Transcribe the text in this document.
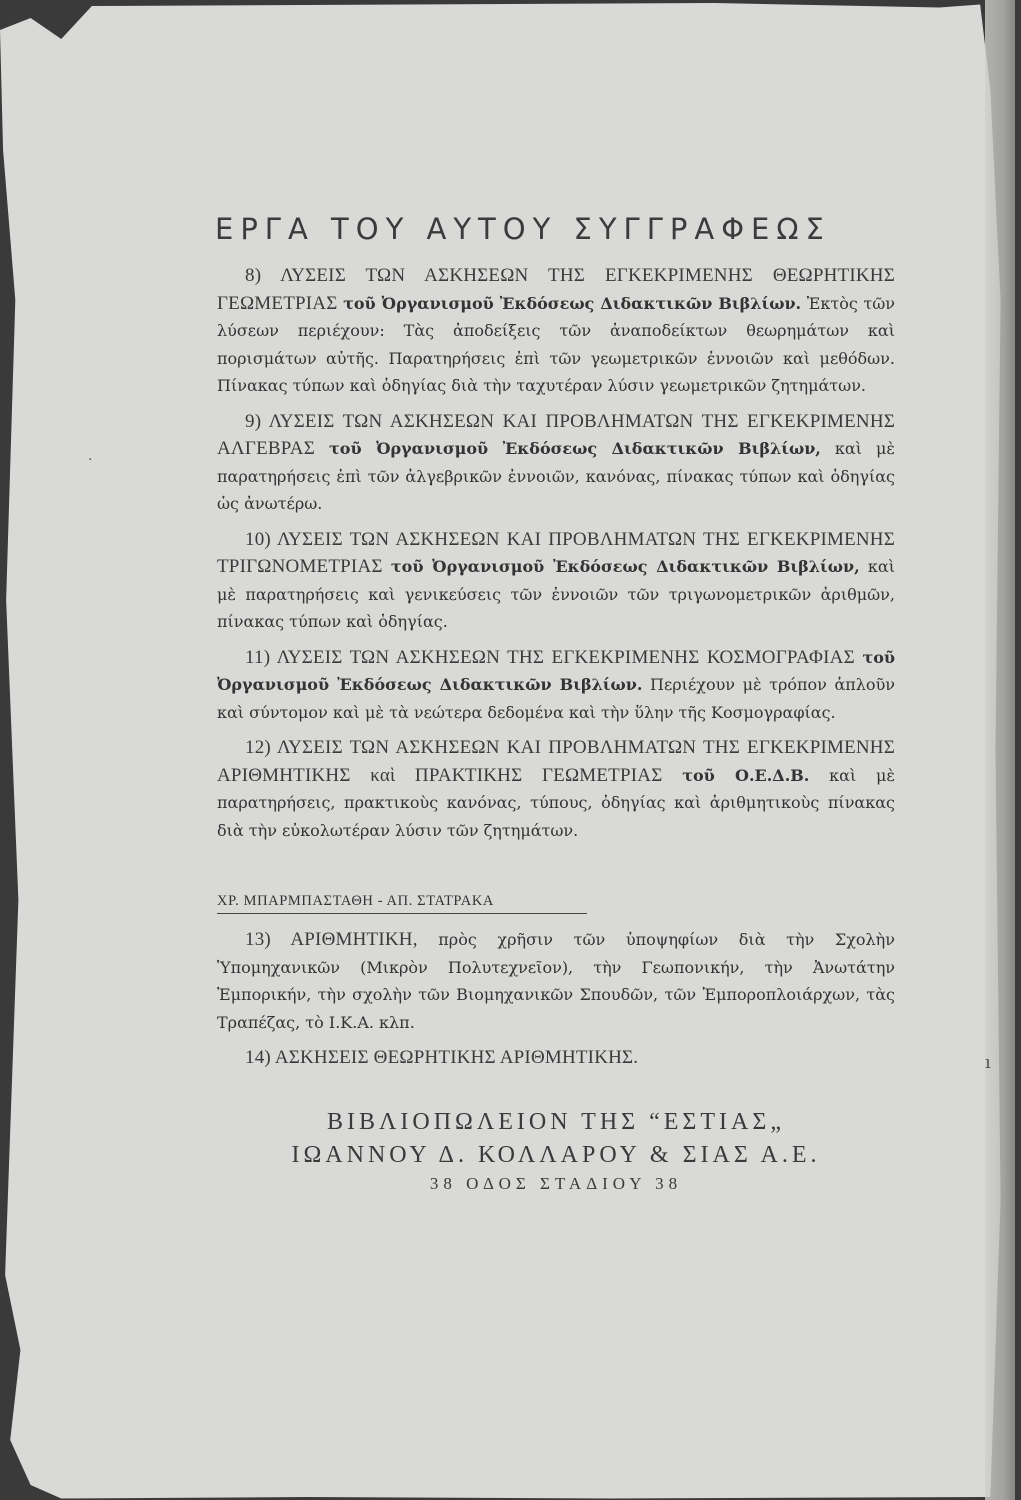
ΕΡΓΑ ΤΟΥ ΑΥΤΟΥ ΣΥΓΓΡΑΦΕΩΣ

8) ΛΥΣΕΙΣ ΤΩΝ ΑΣΚΗΣΕΩΝ ΤΗΣ ΕΓΚΕΚΡΙΜΕΝΗΣ ΘΕΩΡΗΤΙΚΗΣ ΓΕΩΜΕΤΡΙΑΣ τοῦ Ὀργανισμοῦ Ἐκδόσεως Διδακτικῶν Βιβλίων. Ἐκτὸς τῶν λύσεων περιέχουν: Τὰς ἀποδείξεις τῶν ἀναποδείκτων θεωρημάτων καὶ πορισμάτων αὐτῆς. Παρατηρήσεις ἐπὶ τῶν γεωμετρικῶν ἐννοιῶν καὶ μεθόδων. Πίνακας τύπων καὶ ὁδηγίας διὰ τὴν ταχυτέραν λύσιν γεωμετρικῶν ζητημάτων.

9) ΛΥΣΕΙΣ ΤΩΝ ΑΣΚΗΣΕΩΝ ΚΑΙ ΠΡΟΒΛΗΜΑΤΩΝ ΤΗΣ ΕΓΚΕΚΡΙΜΕΝΗΣ ΑΛΓΕΒΡΑΣ τοῦ Ὀργανισμοῦ Ἐκδόσεως Διδακτικῶν Βιβλίων, καὶ μὲ παρατηρήσεις ἐπὶ τῶν ἀλγεβρικῶν ἐννοιῶν, κανόνας, πίνακας τύπων καὶ ὁδηγίας ὡς ἀνωτέρω.

10) ΛΥΣΕΙΣ ΤΩΝ ΑΣΚΗΣΕΩΝ ΚΑΙ ΠΡΟΒΛΗΜΑΤΩΝ ΤΗΣ ΕΓΚΕΚΡΙΜΕΝΗΣ ΤΡΙΓΩΝΟΜΕΤΡΙΑΣ τοῦ Ὀργανισμοῦ Ἐκδόσεως Διδακτικῶν Βιβλίων, καὶ μὲ παρατηρήσεις καὶ γενικεύσεις τῶν ἐννοιῶν τῶν τριγωνομετρικῶν ἀριθμῶν, πίνακας τύπων καὶ ὁδηγίας.

11) ΛΥΣΕΙΣ ΤΩΝ ΑΣΚΗΣΕΩΝ ΤΗΣ ΕΓΚΕΚΡΙΜΕΝΗΣ ΚΟΣΜΟΓΡΑΦΙΑΣ τοῦ Ὀργανισμοῦ Ἐκδόσεως Διδακτικῶν Βιβλίων. Περιέχουν μὲ τρόπον ἁπλοῦν καὶ σύντομον καὶ μὲ τὰ νεώτερα δεδομένα καὶ τὴν ὕλην τῆς Κοσμογραφίας.

12) ΛΥΣΕΙΣ ΤΩΝ ΑΣΚΗΣΕΩΝ ΚΑΙ ΠΡΟΒΛΗΜΑΤΩΝ ΤΗΣ ΕΓΚΕΚΡΙΜΕΝΗΣ ΑΡΙΘΜΗΤΙΚΗΣ καὶ ΠΡΑΚΤΙΚΗΣ ΓΕΩΜΕΤΡΙΑΣ τοῦ Ο.Ε.Δ.Β. καὶ μὲ παρατηρήσεις, πρακτικοὺς κανόνας, τύπους, ὁδηγίας καὶ ἀριθμητικοὺς πίνακας διὰ τὴν εὐκολωτέραν λύσιν τῶν ζητημάτων.

ΧΡ. ΜΠΑΡΜΠΑΣΤΑΘΗ - ΑΠ. ΣΤΑΤΡΑΚΑ

13) ΑΡΙΘΜΗΤΙΚΗ, πρὸς χρῆσιν τῶν ὑποψηφίων διὰ τὴν Σχολὴν Ὑπομηχανικῶν (Μικρὸν Πολυτεχνεῖον), τὴν Γεωπονικήν, τὴν Ἀνωτάτην Ἐμπορικήν, τὴν σχολὴν τῶν Βιομηχανικῶν Σπουδῶν, τῶν Ἐμποροπλοιάρχων, τὰς Τραπέζας, τὸ Ι.Κ.Α. κλπ.

14) ΑΣΚΗΣΕΙΣ ΘΕΩΡΗΤΙΚΗΣ ΑΡΙΘΜΗΤΙΚΗΣ.

ΒΙΒΛΙΟΠΩΛΕΙΟΝ ΤΗΣ “ΕΣΤΙΑΣ„
ΙΩΑΝΝΟΥ Δ. ΚΟΛΛΑΡΟΥ & ΣΙΑΣ Α.Ε.
38 ΟΔΟΣ ΣΤΑΔΙΟΥ 38
·
ı
